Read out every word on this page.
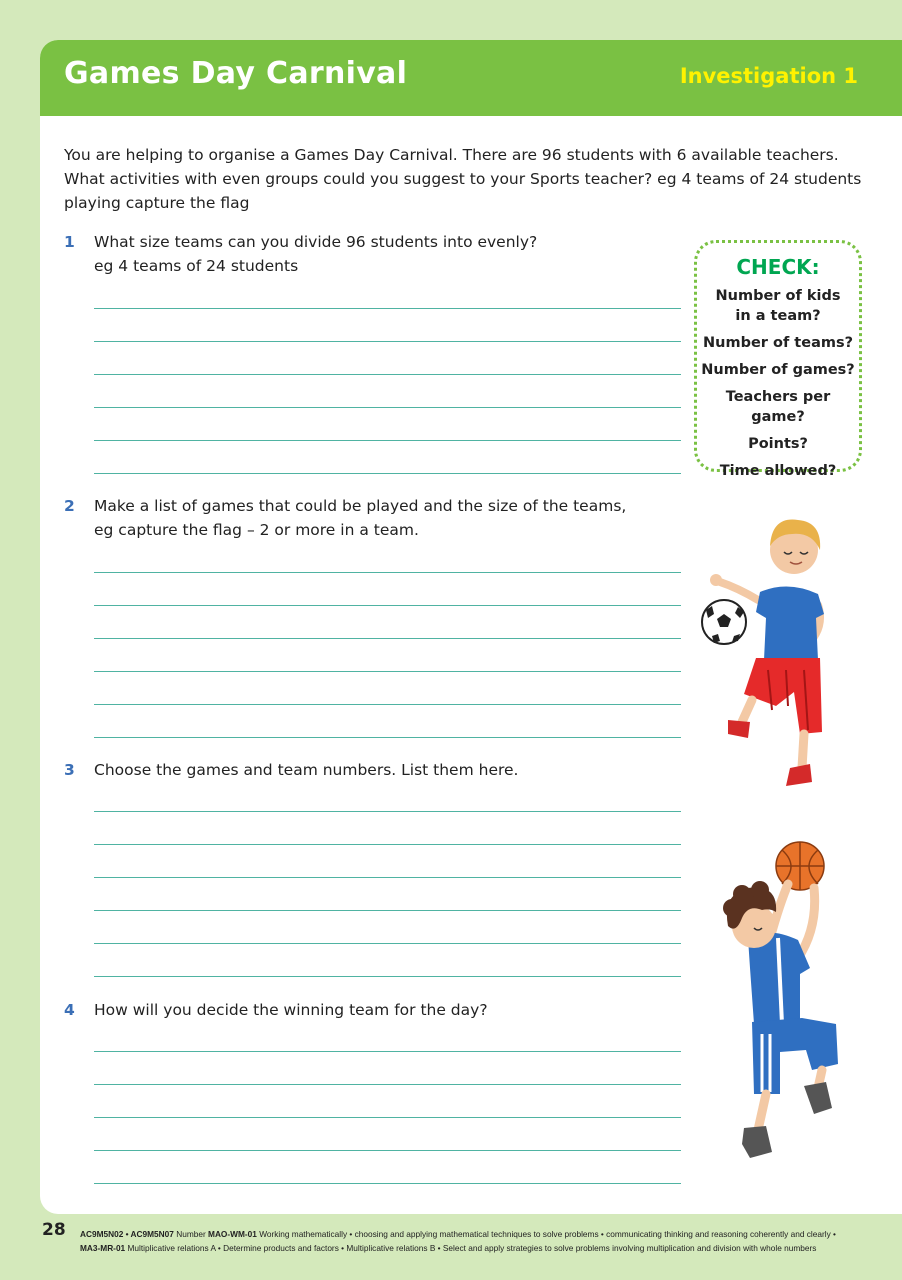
Games Day Carnival	Investigation 1

You are helping to organise a Games Day Carnival. There are 96 students with 6 available teachers.

What activities with even groups could you suggest to your Sports teacher? eg 4 teams of 24 students

playing capture the flag

1	What size teams can you divide 96 students into evenly?
eg 4 teams of 24 students
2	Make a list of games that could be played and the size of the teams,
eg capture the flag – 2 or more in a team.
3	Choose the games and team numbers. List them here.
4	How will you decide the winning team for the day?
CHECK:
Number of kids in a team?
Number of teams?
Number of games?
Teachers per game?
Points?
Time allowed?
28 AC9M5N02 • AC9M5N07 Number MAO-WM-01 Working mathematically • choosing and applying mathematical techniques to solve problems • communicating thinking and reasoning coherently and clearly •
MA3-MR-01 Multiplicative relations A • Determine products and factors • Multiplicative relations B • Select and apply strategies to solve problems involving multiplication and division with whole numbers
